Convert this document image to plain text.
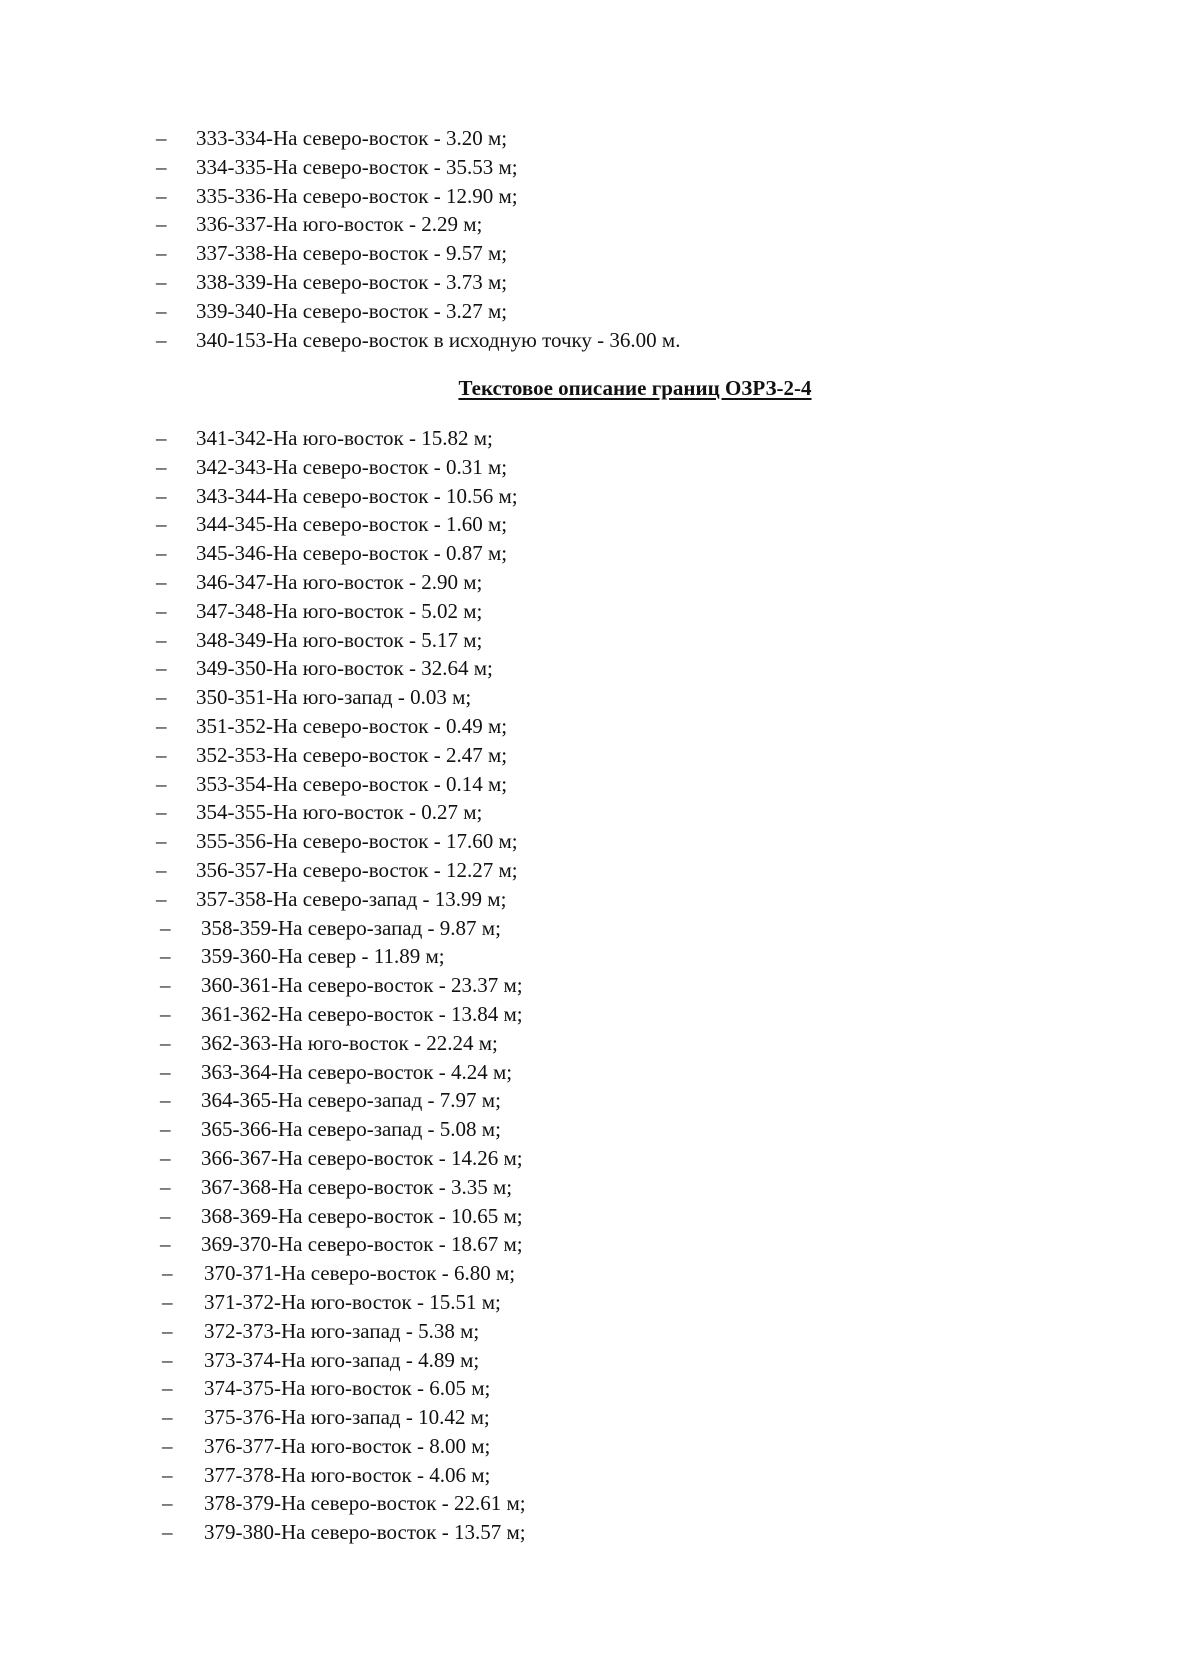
– 333-334-На северо-восток - 3.20 м;
– 334-335-На северо-восток - 35.53 м;
– 335-336-На северо-восток - 12.90 м;
– 336-337-На юго-восток - 2.29 м;
– 337-338-На северо-восток - 9.57 м;
– 338-339-На северо-восток - 3.73 м;
– 339-340-На северо-восток - 3.27 м;
– 340-153-На северо-восток в исходную точку - 36.00 м.
Текстовое описание границ ОЗРЗ-2-4
– 341-342-На юго-восток - 15.82 м;
– 342-343-На северо-восток - 0.31 м;
– 343-344-На северо-восток - 10.56 м;
– 344-345-На северо-восток - 1.60 м;
– 345-346-На северо-восток - 0.87 м;
– 346-347-На юго-восток - 2.90 м;
– 347-348-На юго-восток - 5.02 м;
– 348-349-На юго-восток - 5.17 м;
– 349-350-На юго-восток - 32.64 м;
– 350-351-На юго-запад - 0.03 м;
– 351-352-На северо-восток - 0.49 м;
– 352-353-На северо-восток - 2.47 м;
– 353-354-На северо-восток - 0.14 м;
– 354-355-На юго-восток - 0.27 м;
– 355-356-На северо-восток - 17.60 м;
– 356-357-На северо-восток - 12.27 м;
– 357-358-На северо-запад - 13.99 м;
– 358-359-На северо-запад - 9.87 м;
– 359-360-На север - 11.89 м;
– 360-361-На северо-восток - 23.37 м;
– 361-362-На северо-восток - 13.84 м;
– 362-363-На юго-восток - 22.24 м;
– 363-364-На северо-восток - 4.24 м;
– 364-365-На северо-запад - 7.97 м;
– 365-366-На северо-запад - 5.08 м;
– 366-367-На северо-восток - 14.26 м;
– 367-368-На северо-восток - 3.35 м;
– 368-369-На северо-восток - 10.65 м;
– 369-370-На северо-восток - 18.67 м;
– 370-371-На северо-восток - 6.80 м;
– 371-372-На юго-восток - 15.51 м;
– 372-373-На юго-запад - 5.38 м;
– 373-374-На юго-запад - 4.89 м;
– 374-375-На юго-восток - 6.05 м;
– 375-376-На юго-запад - 10.42 м;
– 376-377-На юго-восток - 8.00 м;
– 377-378-На юго-восток - 4.06 м;
– 378-379-На северо-восток - 22.61 м;
– 379-380-На северо-восток - 13.57 м;
